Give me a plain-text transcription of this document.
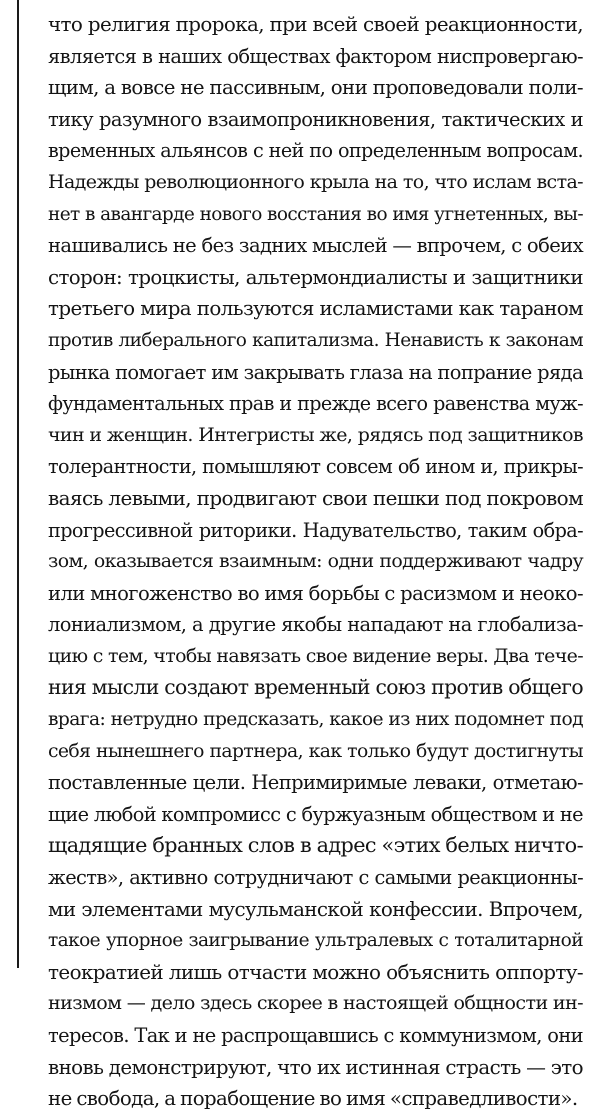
что религия пророка, при всей своей реакционности,
является в наших обществах фактором ниспровергаю-
щим, а вовсе не пассивным, они проповедовали поли-
тику разумного взаимопроникновения, тактических и
временных альянсов с ней по определенным вопросам.
Надежды революционного крыла на то, что ислам вста-
нет в авангарде нового восстания во имя угнетенных, вы-
нашивались не без задних мыслей — впрочем, с обеих
сторон: троцкисты, альтермондиалисты и защитники
третьего мира пользуются исламистами как тараном
против либерального капитализма. Ненависть к законам
рынка помогает им закрывать глаза на попрание ряда
фундаментальных прав и прежде всего равенства муж-
чин и женщин. Интегристы же, рядясь под защитников
толерантности, помышляют совсем об ином и, прикры-
ваясь левыми, продвигают свои пешки под покровом
прогрессивной риторики. Надувательство, таким обра-
зом, оказывается взаимным: одни поддерживают чадру
или многоженство во имя борьбы с расизмом и неоко-
лониализмом, а другие якобы нападают на глобализа-
цию с тем, чтобы навязать свое видение веры. Два тече-
ния мысли создают временный союз против общего
врага: нетрудно предсказать, какое из них подомнет под
себя нынешнего партнера, как только будут достигнуты
поставленные цели. Непримиримые леваки, отметаю-
щие любой компромисс с буржуазным обществом и не
щадящие бранных слов в адрес «этих белых ничто-
жеств», активно сотрудничают с самыми реакционны-
ми элементами мусульманской конфессии. Впрочем,
такое упорное заигрывание ультралевых с тоталитарной
теократией лишь отчасти можно объяснить оппорту-
низмом — дело здесь скорее в настоящей общности ин-
тересов. Так и не распрощавшись с коммунизмом, они
вновь демонстрируют, что их истинная страсть — это
не свобода, а порабощение во имя «справедливости».
